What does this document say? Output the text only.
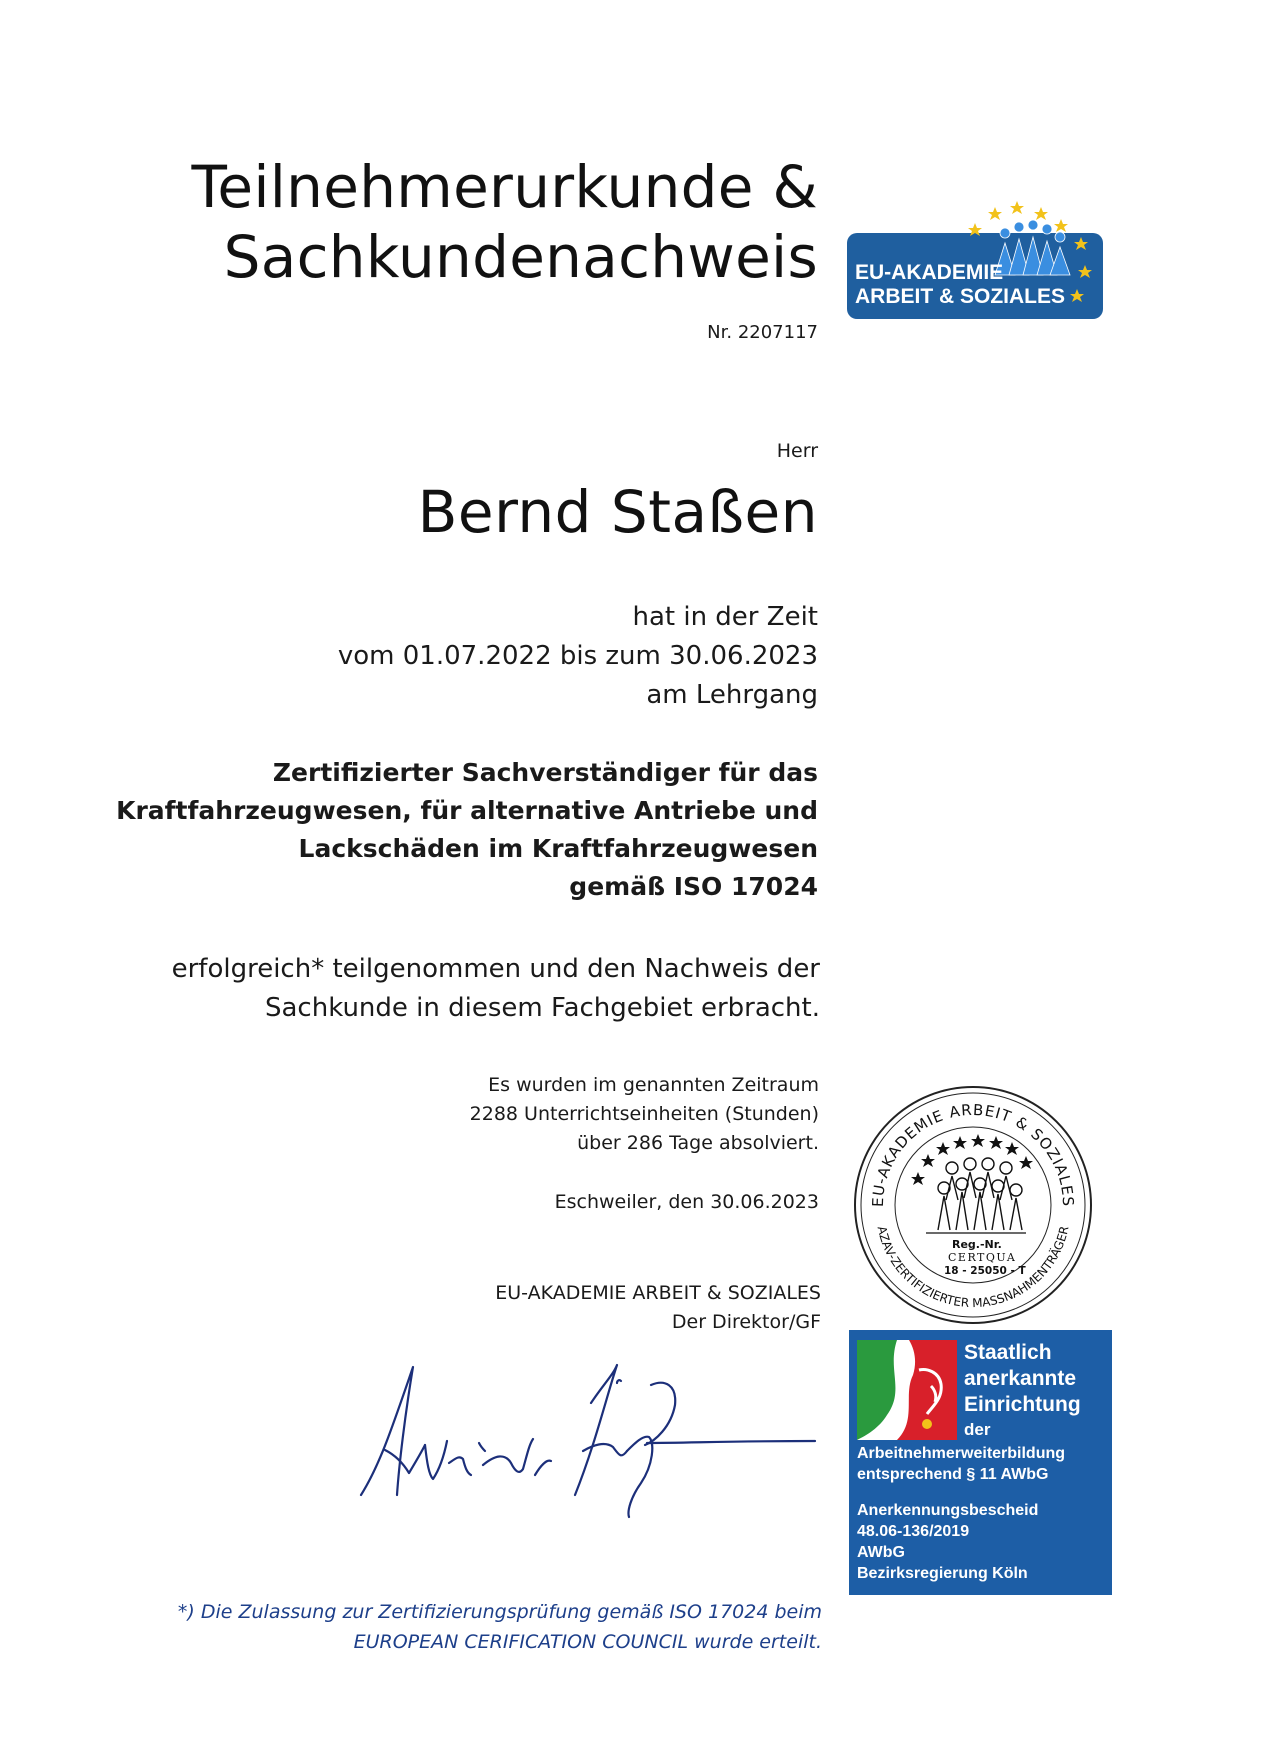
Teilnehmerurkunde &
Sachkundenachweis
Nr. 2207117
Herr
Bernd Staßen
hat in der Zeit
vom 01.07.2022 bis zum 30.06.2023
am Lehrgang
Zertifizierter Sachverständiger für das
Kraftfahrzeugwesen, für alternative Antriebe und
Lackschäden im Kraftfahrzeugwesen
gemäß ISO 17024
erfolgreich* teilgenommen und den Nachweis der
Sachkunde in diesem Fachgebiet erbracht.
Es wurden im genannten Zeitraum
2288 Unterrichtseinheiten (Stunden)
über 286 Tage absolviert.
Eschweiler, den 30.06.2023
EU-AKADEMIE ARBEIT & SOZIALES
Der Direktor/GF
EU-AKADEMIE
ARBEIT & SOZIALES
EU-AKADEMIE ARBEIT & SOZIALES
AZAV-ZERTIFIZIERTER MASSNAHMENTRÄGER
Reg.-Nr.
CERTQUA
18 - 25050 - T
Staatlich
anerkannte
Einrichtung
der
Arbeitnehmerweiterbildung
entsprechend § 11 AWbG
Anerkennungsbescheid
48.06-136/2019
AWbG
Bezirksregierung Köln
*) Die Zulassung zur Zertifizierungsprüfung gemäß ISO 17024 beim
EUROPEAN CERIFICATION COUNCIL wurde erteilt.
